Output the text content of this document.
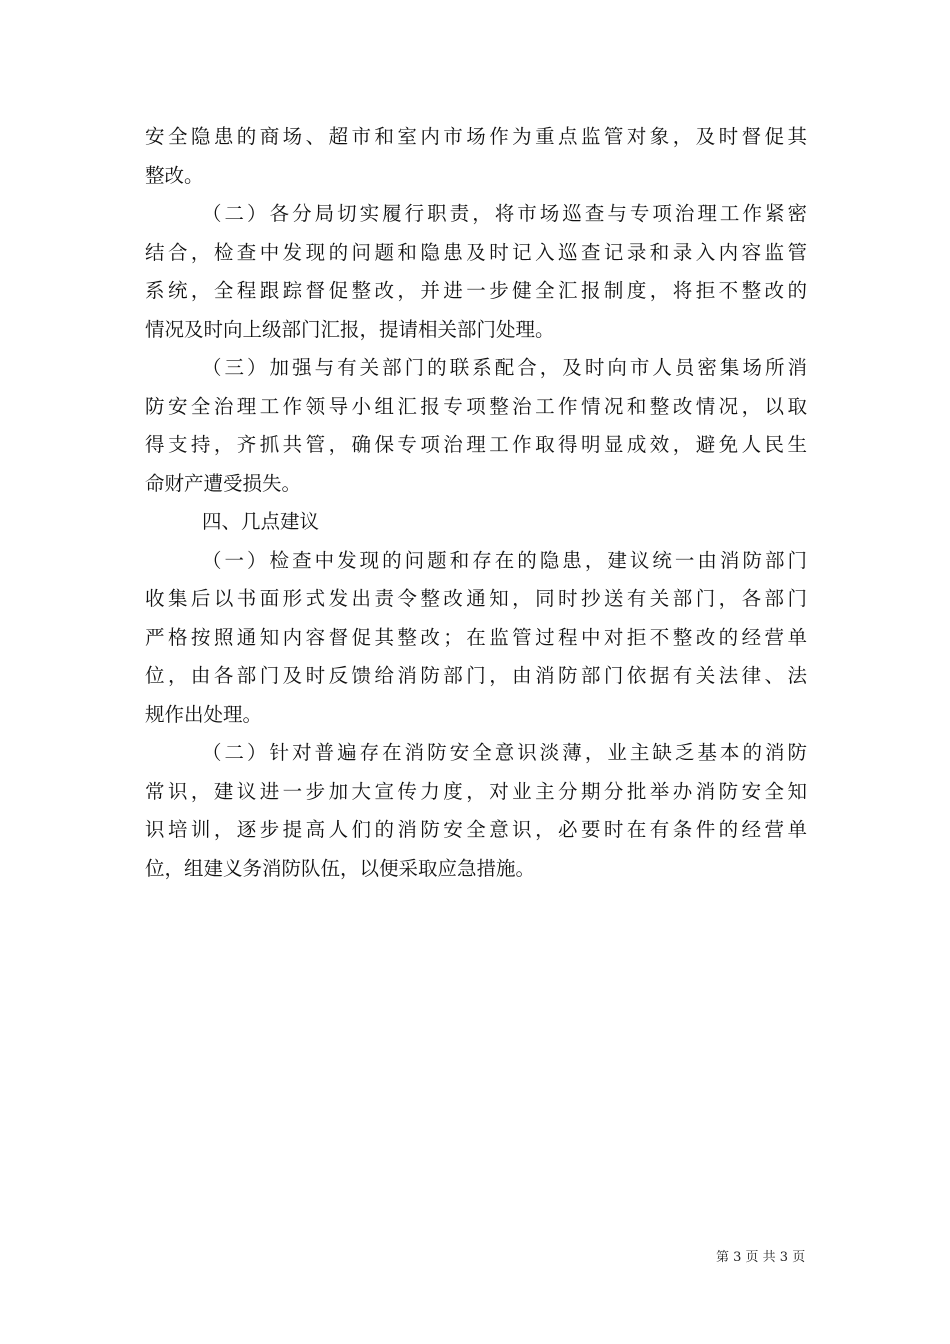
安全隐患的商场、超市和室内市场作为重点监管对象，及时督促其
整改。
（二）各分局切实履行职责，将市场巡查与专项治理工作紧密
结合，检查中发现的问题和隐患及时记入巡查记录和录入内容监管
系统，全程跟踪督促整改，并进一步健全汇报制度，将拒不整改的
情况及时向上级部门汇报，提请相关部门处理。
（三）加强与有关部门的联系配合，及时向市人员密集场所消
防安全治理工作领导小组汇报专项整治工作情况和整改情况，以取
得支持，齐抓共管，确保专项治理工作取得明显成效，避免人民生
命财产遭受损失。
四、几点建议
（一）检查中发现的问题和存在的隐患，建议统一由消防部门
收集后以书面形式发出责令整改通知，同时抄送有关部门，各部门
严格按照通知内容督促其整改；在监管过程中对拒不整改的经营单
位，由各部门及时反馈给消防部门，由消防部门依据有关法律、法
规作出处理。
（二）针对普遍存在消防安全意识淡薄，业主缺乏基本的消防
常识，建议进一步加大宣传力度，对业主分期分批举办消防安全知
识培训，逐步提高人们的消防安全意识，必要时在有条件的经营单
位，组建义务消防队伍，以便采取应急措施。
第 3 页 共 3 页
